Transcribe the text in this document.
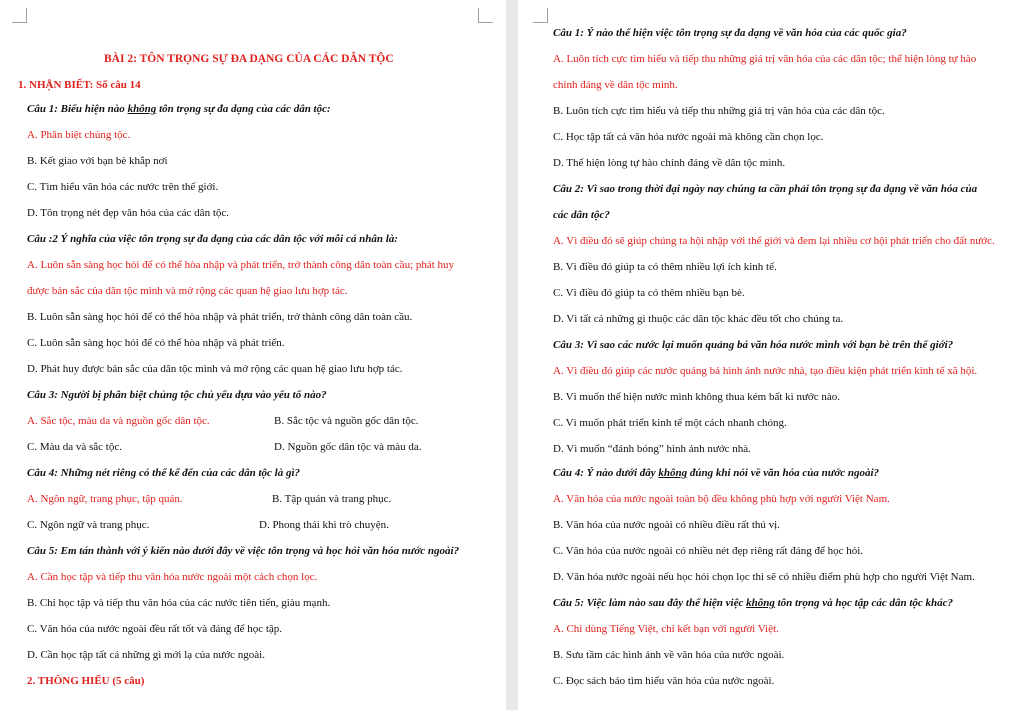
BÀI 2: TÔN TRỌNG SỰ ĐA DẠNG CỦA CÁC DÂN TỘC
1. NHẬN BIẾT: Số câu 14
Câu 1: Biểu hiện nào không tôn trọng sự đa dạng của các dân tộc:
A. Phân biệt chủng tộc.
B. Kết giao với bạn bè khắp nơi
C. Tìm hiểu văn hóa các nước trên thế giới.
D. Tôn trọng nét đẹp văn hóa của các dân tộc.
Câu :2 Ý nghĩa của việc tôn trọng sự đa dạng của các dân tộc với mỗi cá nhân là:
A. Luôn sẵn sàng học hỏi để có thể hòa nhập và phát triển, trở thành công dân toàn cầu; phát huy
được bản sắc của dân tộc mình và mở rộng các quan hệ giao lưu hợp tác.
B. Luôn sẵn sàng học hỏi để có thể hòa nhập và phát triển, trở thành công dân toàn cầu.
C. Luôn sẵn sàng học hỏi để có thể hòa nhập và phát triển.
D. Phát huy được bản sắc của dân tộc mình và mở rộng các quan hệ giao lưu hợp tác.
Câu 3: Người bị phân biệt chủng tộc chủ yếu dựa vào yếu tố nào?
A. Sắc tộc, màu da và nguồn gốc dân tộc.	B. Sắc tộc và nguồn gốc dân tộc.
C. Màu da và sắc tộc.	D. Nguồn gốc dân tộc và màu da.
Câu 4: Những nét riêng có thể kể đến của các dân tộc là gì?
A. Ngôn ngữ, trang phục, tập quán.	B. Tập quán và trang phục.
C. Ngôn ngữ và trang phục.	D. Phong thái khi trò chuyện.
Câu 5: Em tán thành với ý kiến nào dưới đây về việc tôn trọng và học hỏi văn hóa nước ngoài?
A. Cần học tập và tiếp thu văn hóa nước ngoài một cách chọn lọc.
B. Chỉ học tập và tiếp thu văn hóa của các nước tiên tiến, giàu mạnh.
C. Văn hóa của nước ngoài đều rất tốt và đáng để học tập.
D. Cần học tập tất cả những gì mới lạ của nước ngoài.
2. THÔNG HIỂU (5 câu)
Câu 1: Ý nào thể hiện việc tôn trọng sự đa dạng về văn hóa của các quốc gia?
A. Luôn tích cực tìm hiểu và tiếp thu những giá trị văn hóa của các dân tộc; thể hiện lòng tự hào
chính đáng về dân tộc mình.
B. Luôn tích cực tìm hiểu và tiếp thu những giá trị văn hóa của các dân tộc.
C. Học tập tất cả văn hóa nước ngoài mà không cần chọn lọc.
D. Thể hiện lòng tự hào chính đáng về dân tộc mình.
Câu 2: Vì sao trong thời đại ngày nay chúng ta cần phải tôn trọng sự đa dạng về văn hóa của
các dân tộc?
A. Vì điều đó sẽ giúp chúng ta hội nhập với thế giới và đem lại nhiều cơ hội phát triển cho đất nước.
B. Vì điều đó giúp ta có thêm nhiều lợi ích kinh tế.
C. Vì điều đó giúp ta có thêm nhiều bạn bè.
D. Vì tất cả những gì thuộc các dân tộc khác đều tốt cho chúng ta.
Câu 3: Vì sao các nước lại muốn quảng bá văn hóa nước mình với bạn bè trên thế giới?
A. Vì điều đó giúp các nước quảng bá hình ảnh nước nhà, tạo điều kiện phát triển kinh tế xã hội.
B. Vì muốn thể hiện nước mình không thua kém bất kì nước nào.
C. Vì muốn phát triển kinh tế một cách nhanh chóng.
D. Vì muốn “đánh bóng” hình ảnh nước nhà.
Câu 4: Ý nào dưới đây không đúng khi nói về văn hóa của nước ngoài?
A. Văn hóa của nước ngoài toàn bộ đều không phù hợp với người Việt Nam.
B. Văn hóa của nước ngoài có nhiều điều rất thú vị.
C. Văn hóa của nước ngoài có nhiều nét đẹp riêng rất đáng để học hỏi.
D. Văn hóa nước ngoài nếu học hỏi chọn lọc thì sẽ có nhiều điểm phù hợp cho người Việt Nam.
Câu 5: Việc làm nào sau đây thể hiện việc không tôn trọng và học tập các dân tộc khác?
A. Chỉ dùng Tiếng Việt, chỉ kết bạn với người Việt.
B. Sưu tầm các hình ảnh về văn hóa của nước ngoài.
C. Đọc sách báo tìm hiểu văn hóa của nước ngoài.
